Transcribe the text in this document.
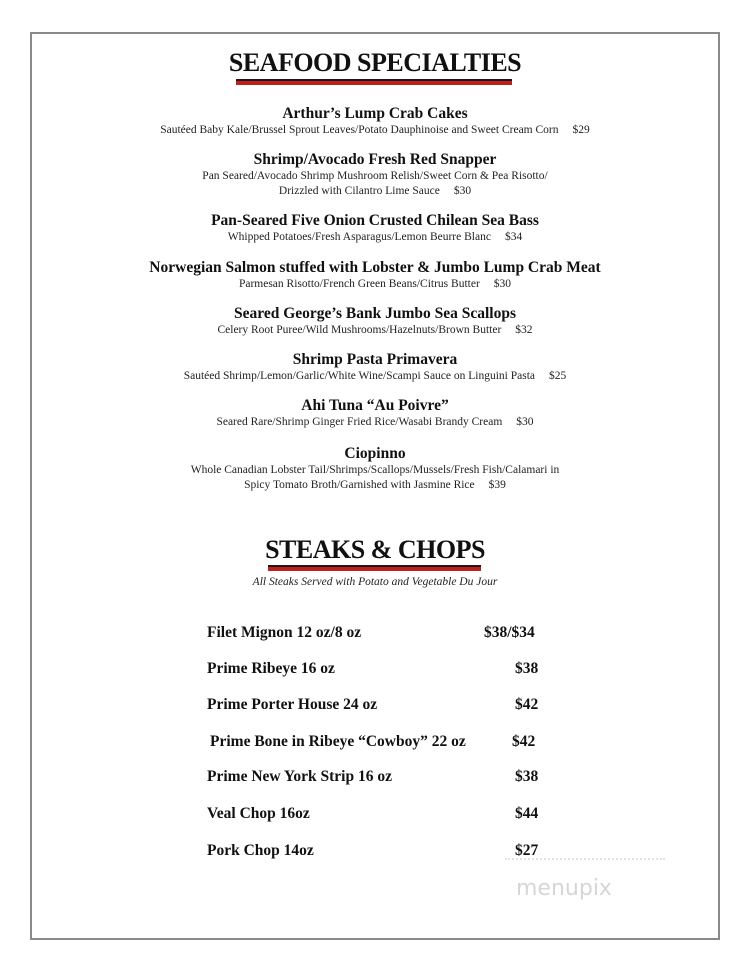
SEAFOOD SPECIALTIES
Arthur’s Lump Crab Cakes
Sautéed Baby Kale/Brussel Sprout Leaves/Potato Dauphinoise and Sweet Cream Corn $29
Shrimp/Avocado Fresh Red Snapper
Pan Seared/Avocado Shrimp Mushroom Relish/Sweet Corn & Pea Risotto/
Drizzled with Cilantro Lime Sauce $30
Pan-Seared Five Onion Crusted Chilean Sea Bass
Whipped Potatoes/Fresh Asparagus/Lemon Beurre Blanc $34
Norwegian Salmon stuffed with Lobster & Jumbo Lump Crab Meat
Parmesan Risotto/French Green Beans/Citrus Butter $30
Seared George’s Bank Jumbo Sea Scallops
Celery Root Puree/Wild Mushrooms/Hazelnuts/Brown Butter $32
Shrimp Pasta Primavera
Sautéed Shrimp/Lemon/Garlic/White Wine/Scampi Sauce on Linguini Pasta $25
Ahi Tuna “Au Poivre”
Seared Rare/Shrimp Ginger Fried Rice/Wasabi Brandy Cream $30
Ciopinno
Whole Canadian Lobster Tail/Shrimps/Scallops/Mussels/Fresh Fish/Calamari in
Spicy Tomato Broth/Garnished with Jasmine Rice $39
STEAKS & CHOPS
All Steaks Served with Potato and Vegetable Du Jour
Filet Mignon 12 oz/8 oz	$38/$34
Prime Ribeye 16 oz	$38
Prime Porter House 24 oz	$42
Prime Bone in Ribeye “Cowboy” 22 oz	$42
Prime New York Strip 16 oz	$38
Veal Chop 16oz	$44
Pork Chop 14oz	$27
menupix
